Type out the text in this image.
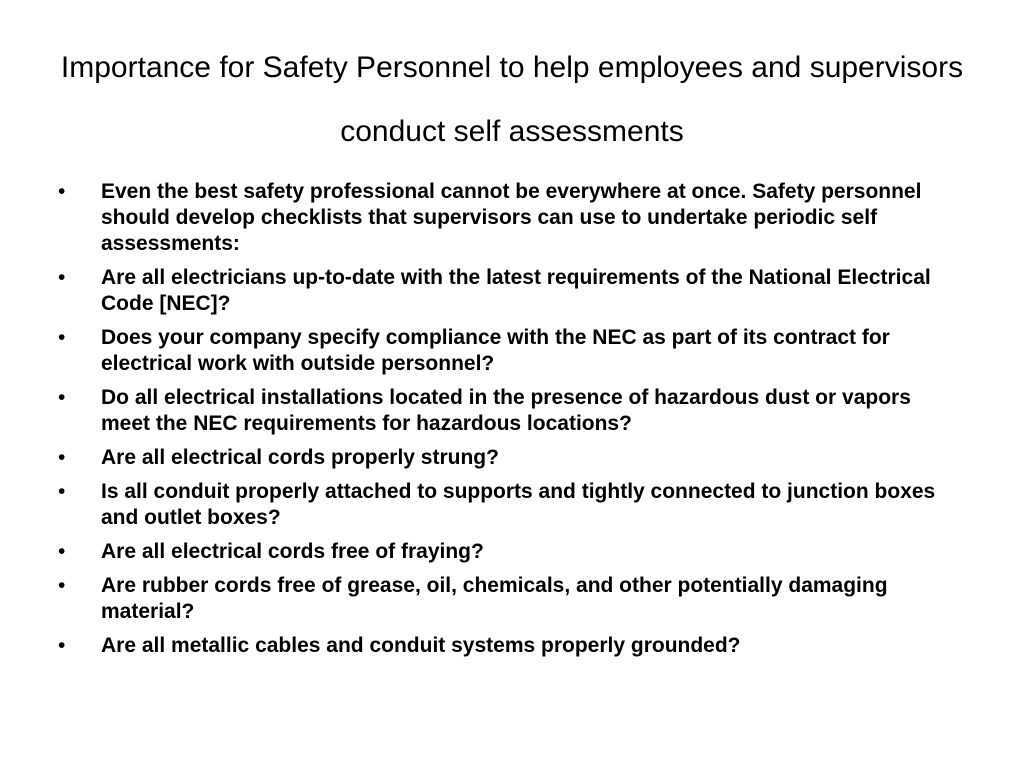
Importance for Safety Personnel to help employees and supervisors conduct self assessments
•	Even the best safety professional cannot be everywhere at once. Safety personnel should develop checklists that supervisors can use to undertake periodic self assessments:
•	Are all electricians up-to-date with the latest requirements of the National Electrical Code [NEC]?
•	Does your company specify compliance with the NEC as part of its contract for electrical work with outside personnel?
•	Do all electrical installations located in the presence of hazardous dust or vapors meet the NEC requirements for hazardous locations?
•	Are all electrical cords properly strung?
•	Is all conduit properly attached to supports and tightly connected to junction boxes and outlet boxes?
•	Are all electrical cords free of fraying?
•	Are rubber cords free of grease, oil, chemicals, and other potentially damaging material?
•	Are all metallic cables and conduit systems properly grounded?
